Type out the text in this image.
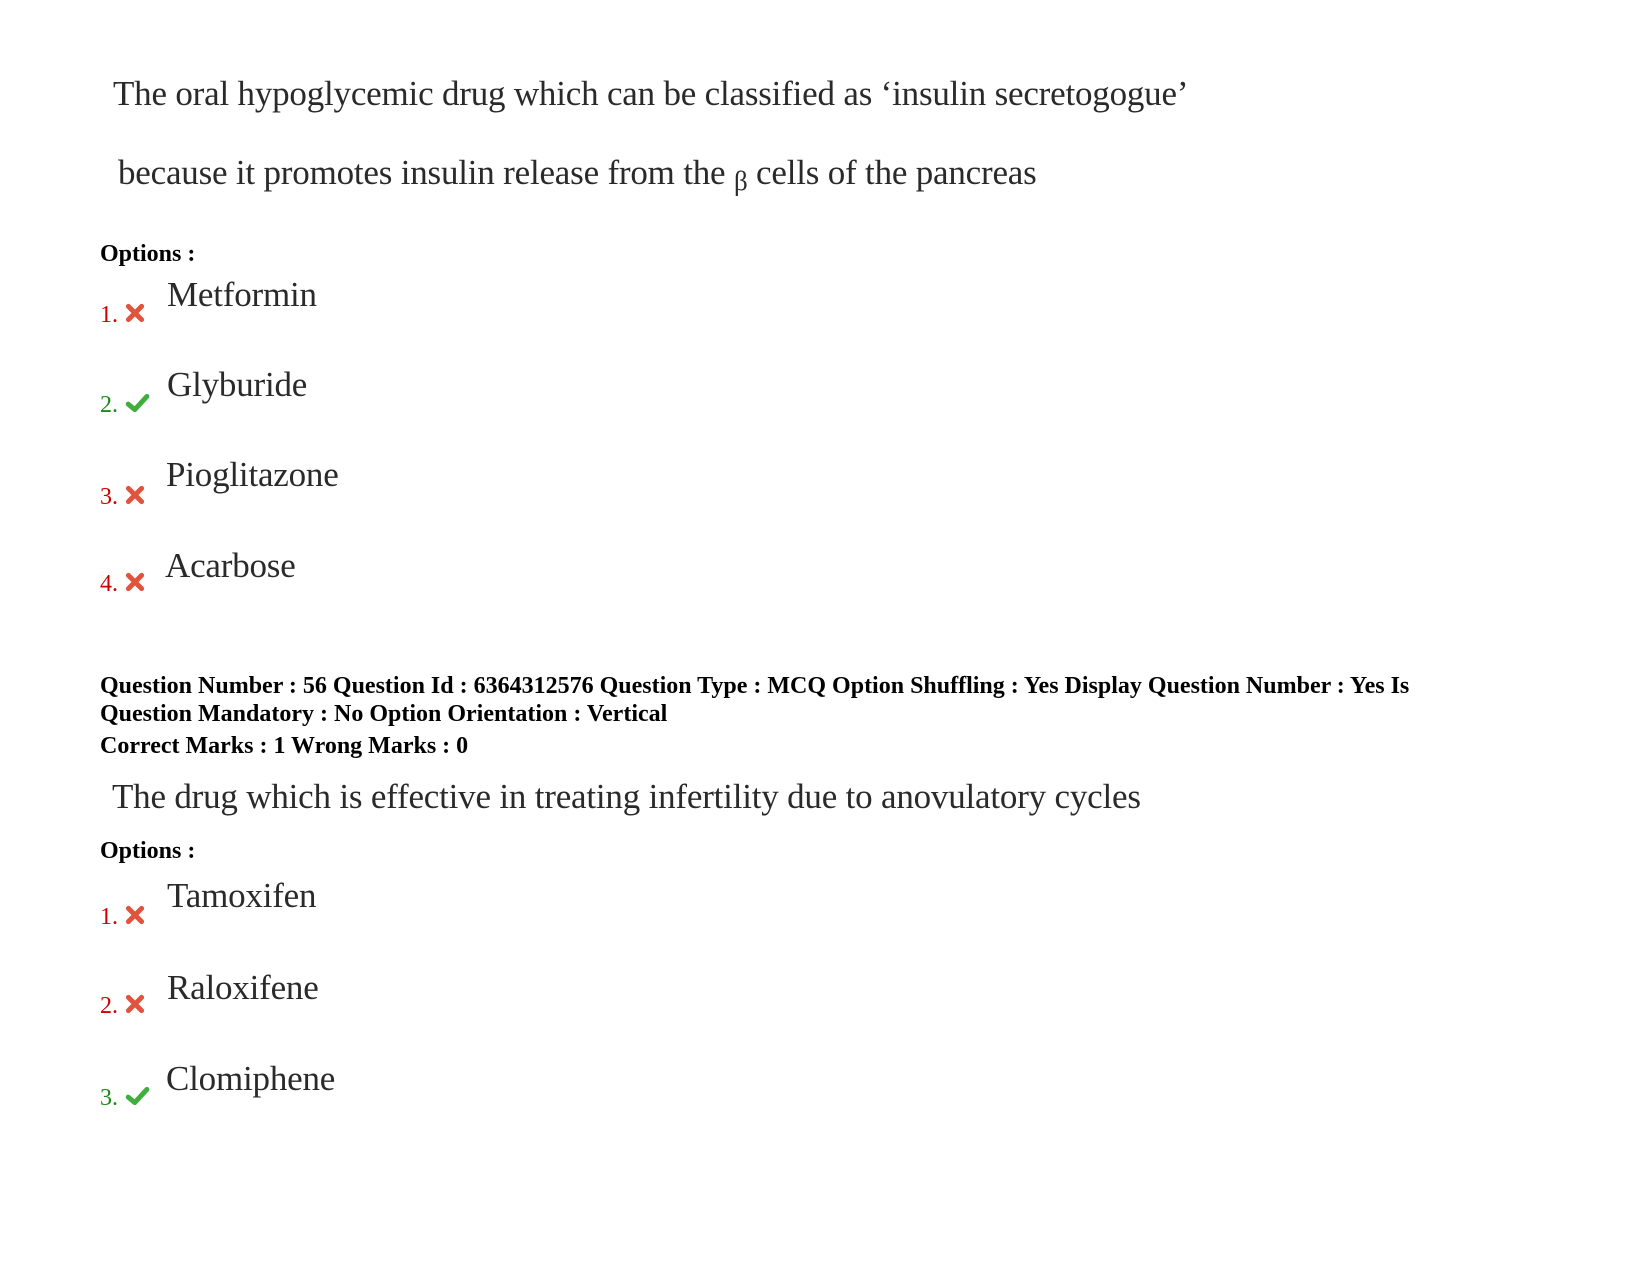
The oral hypoglycemic drug which can be classified as ‘insulin secretogogue’
because it promotes insulin release from the β cells of the pancreas
Options :
1.
Metformin
2.
Glyburide
3.
Pioglitazone
4.	Acarbose
Question Number : 56 Question Id : 6364312576 Question Type : MCQ Option Shuffling : Yes Display Question Number : Yes Is
Question Mandatory : No Option Orientation : Vertical
Correct Marks : 1 Wrong Marks : 0
The drug which is effective in treating infertility due to anovulatory cycles
Options :
1.
Tamoxifen
2.	Raloxifene
3.	Clomiphene
